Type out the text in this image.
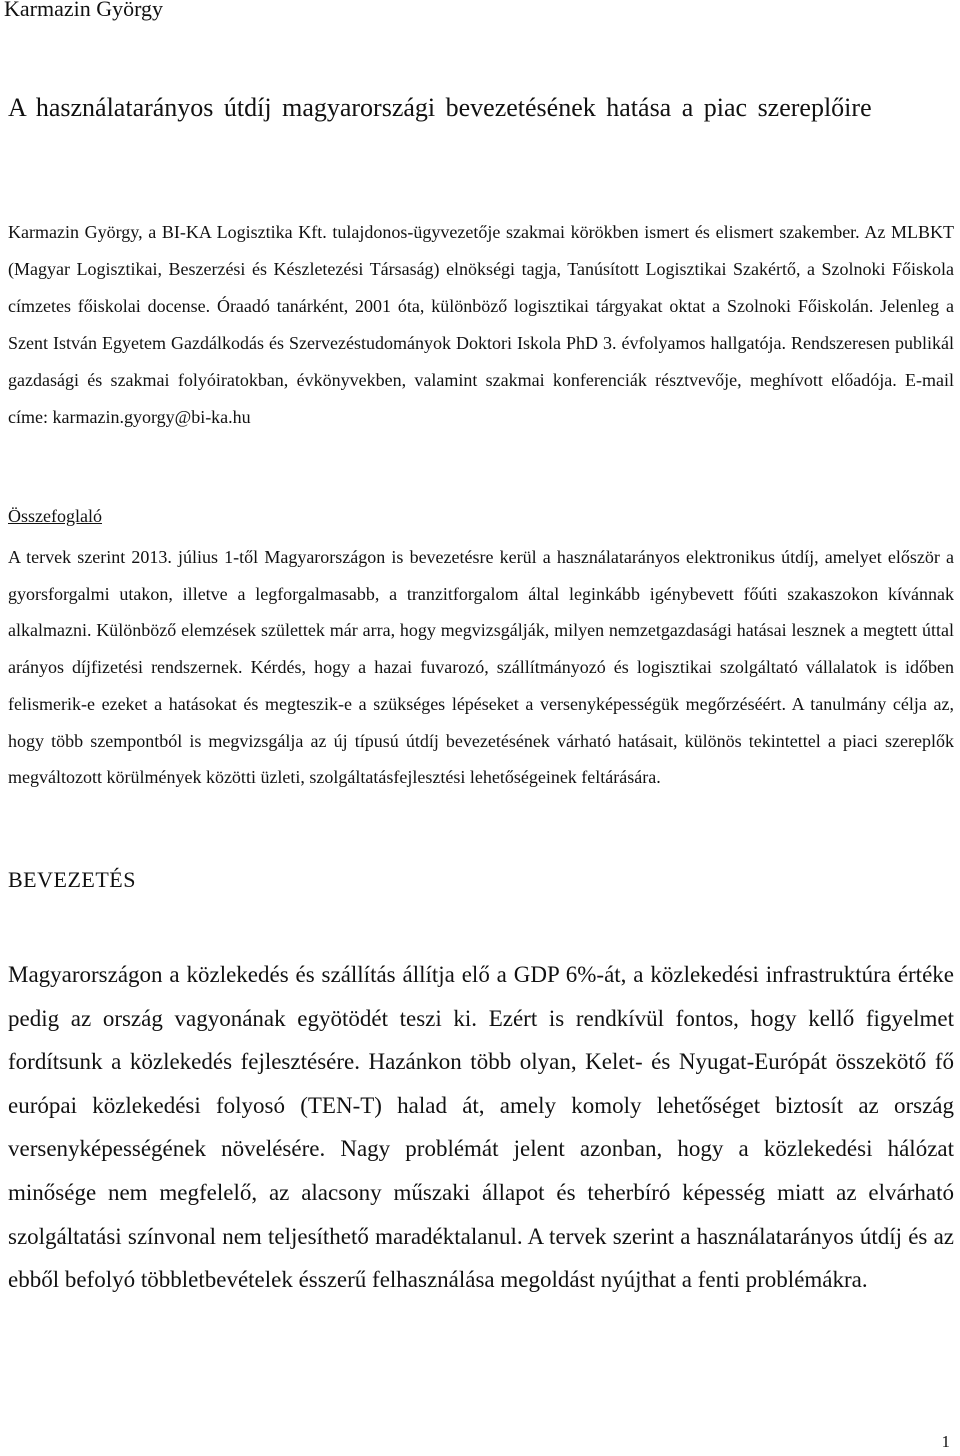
Karmazin György

A használatarányos útdíj magyarországi bevezetésének hatása a piac szereplőire

Karmazin György, a BI-KA Logisztika Kft. tulajdonos-ügyvezetője szakmai körökben ismert és elismert szakember. Az MLBKT (Magyar Logisztikai, Beszerzési és Készletezési Társaság) elnökségi tagja, Tanúsított Logisztikai Szakértő, a Szolnoki Főiskola címzetes főiskolai docense. Óraadó tanárként, 2001 óta, különböző logisztikai tárgyakat oktat a Szolnoki Főiskolán. Jelenleg a Szent István Egyetem Gazdálkodás és Szervezéstudományok Doktori Iskola PhD 3. évfolyamos hallgatója. Rendszeresen publikál gazdasági és szakmai folyóiratokban, évkönyvekben, valamint szakmai konferenciák résztvevője, meghívott előadója. E-mail címe: karmazin.gyorgy@bi-ka.hu

Összefoglaló

A tervek szerint 2013. július 1-től Magyarországon is bevezetésre kerül a használatarányos elektronikus útdíj, amelyet először a gyorsforgalmi utakon, illetve a legforgalmasabb, a tranzitforgalom által leginkább igénybevett főúti szakaszokon kívánnak alkalmazni. Különböző elemzések születtek már arra, hogy megvizsgálják, milyen nemzetgazdasági hatásai lesznek a megtett úttal arányos díjfizetési rendszernek. Kérdés, hogy a hazai fuvarozó, szállítmányozó és logisztikai szolgáltató vállalatok is időben felismerik-e ezeket a hatásokat és megteszik-e a szükséges lépéseket a versenyképességük megőrzéséért. A tanulmány célja az, hogy több szempontból is megvizsgálja az új típusú útdíj bevezetésének várható hatásait, különös tekintettel a piaci szereplők megváltozott körülmények közötti üzleti, szolgáltatásfejlesztési lehetőségeinek feltárására.

BEVEZETÉS

Magyarországon a közlekedés és szállítás állítja elő a GDP 6%-át, a közlekedési infrastruktúra értéke pedig az ország vagyonának egyötödét teszi ki. Ezért is rendkívül fontos, hogy kellő figyelmet fordítsunk a közlekedés fejlesztésére. Hazánkon több olyan, Kelet- és Nyugat-Európát összekötő fő európai közlekedési folyosó (TEN-T) halad át, amely komoly lehetőséget biztosít az ország versenyképességének növelésére. Nagy problémát jelent azonban, hogy a közlekedési hálózat minősége nem megfelelő, az alacsony műszaki állapot és teherbíró képesség miatt az elvárható szolgáltatási színvonal nem teljesíthető maradéktalanul. A tervek szerint a használatarányos útdíj és az ebből befolyó többletbevételek ésszerű felhasználása megoldást nyújthat a fenti problémákra.

1
